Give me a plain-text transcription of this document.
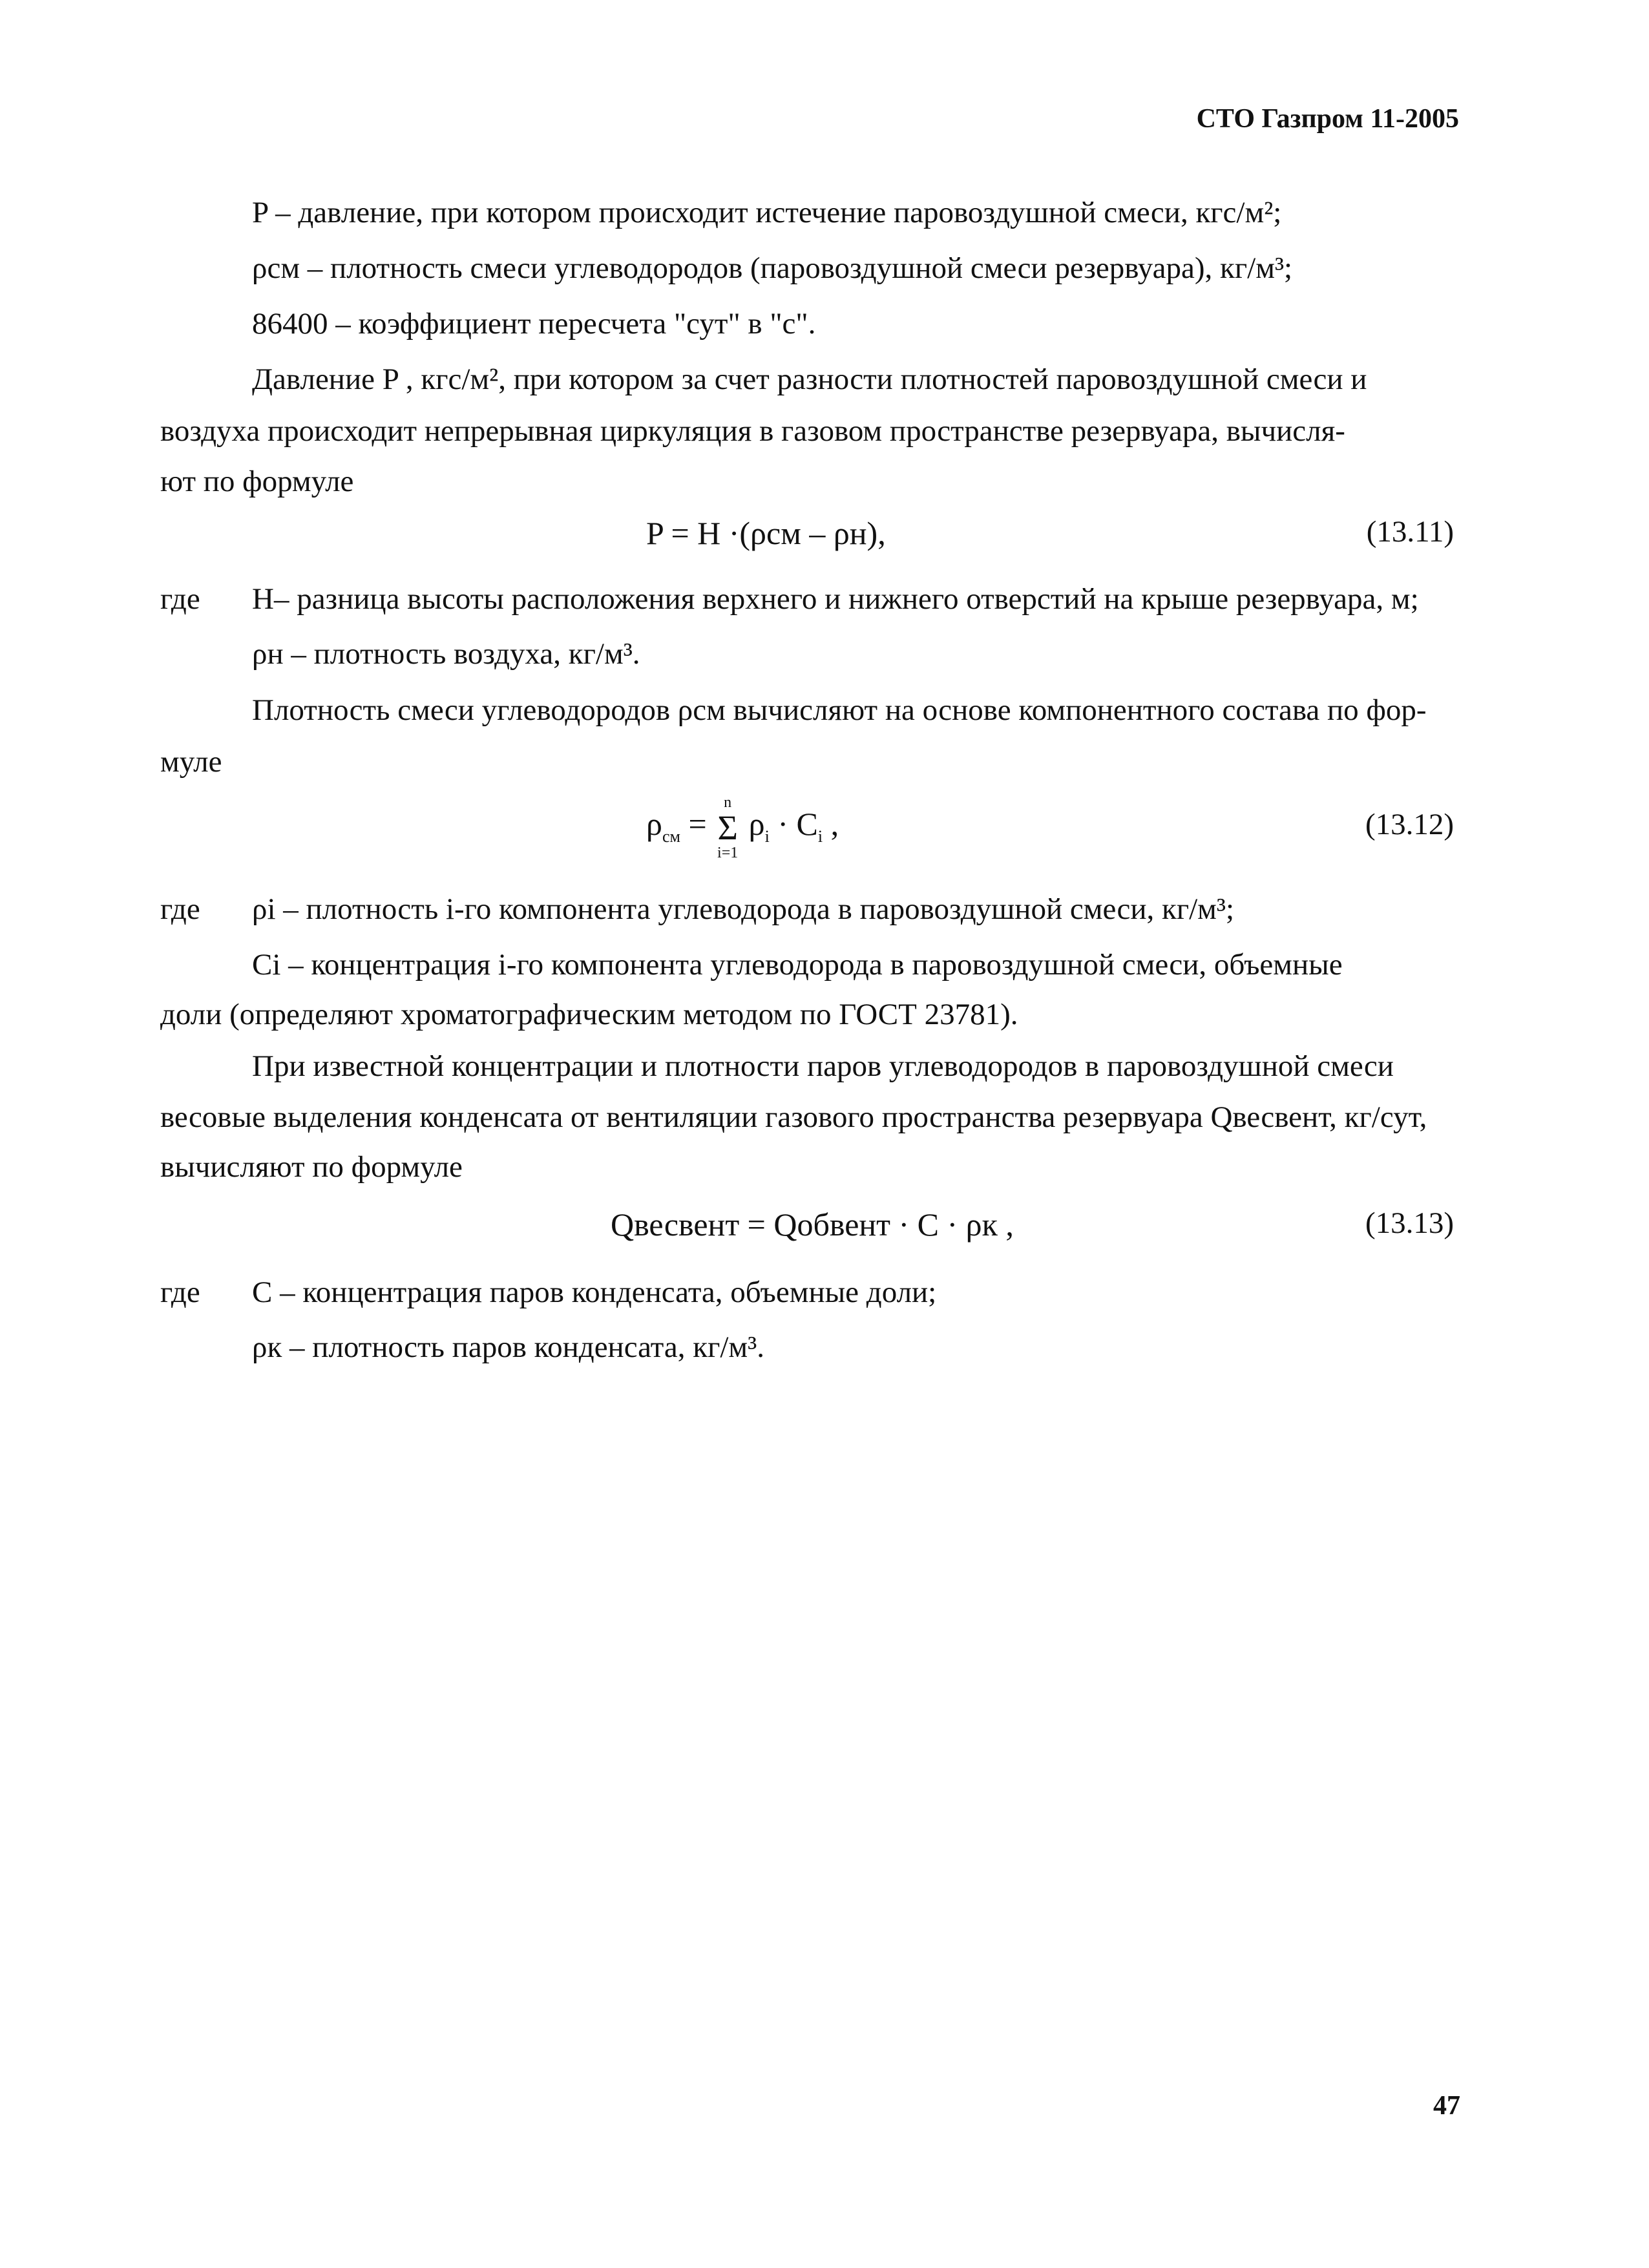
СТО Газпром 11-2005
P – давление, при котором происходит истечение паровоздушной смеси, кгс/м²;
ρсм – плотность смеси углеводородов (паровоздушной смеси резервуара), кг/м³;
86400 – коэффициент пересчета "сут" в "с".
Давление P , кгс/м², при котором за счет разности плотностей паровоздушной смеси и
воздуха происходит непрерывная циркуляция в газовом пространстве резервуара, вычисля-
ют по формуле
P = H ·(ρсм – ρн),	(13.11)
где	H– разница высоты расположения верхнего и нижнего отверстий на крыше резервуара, м;
ρн – плотность воздуха, кг/м³.
Плотность смеси углеводородов ρсм вычисляют на основе компонентного состава по фор-
муле
$\rho_{см} = \Sigma$
n
i=1
$\rho_i \cdot C_i$ ,	(13.12)
где	ρi – плотность i-го компонента углеводорода в паровоздушной смеси, кг/м³;
Ci – концентрация i-го компонента углеводорода в паровоздушной смеси, объемные
доли (определяют хроматографическим методом по ГОСТ 23781).
При известной концентрации и плотности паров углеводородов в паровоздушной смеси
весовые выделения конденсата от вентиляции газового пространства резервуара Qвесвент, кг/сут,
вычисляют по формуле
Qвесвент = Qобвент · C · ρк ,	(13.13)
где	C – концентрация паров конденсата, объемные доли;
ρк – плотность паров конденсата, кг/м³.
47
